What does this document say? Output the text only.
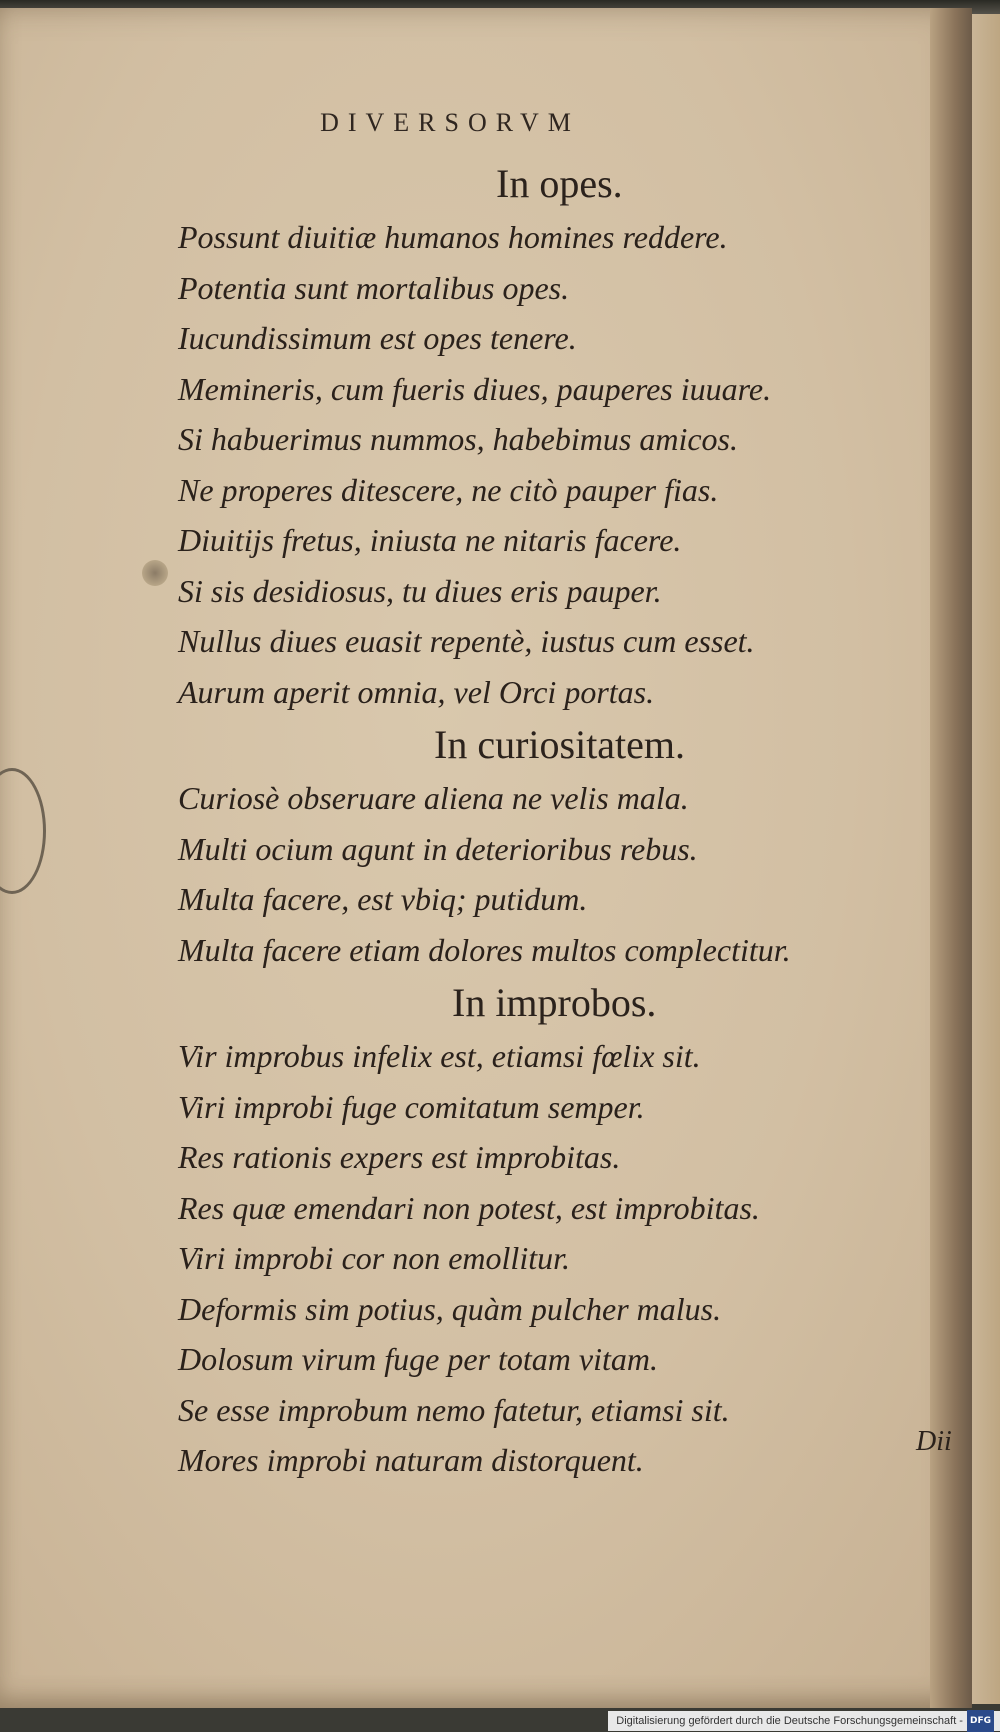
DIVERSORVM
In opes.
Possunt diuitiæ humanos homines reddere.
Potentia sunt mortalibus opes.
Iucundissimum est opes tenere.
Memineris, cum fueris diues, pauperes iuuare.
Si habuerimus nummos, habebimus amicos.
Ne properes ditescere, ne citò pauper fias.
Diuitijs fretus, iniusta ne nitaris facere.
Si sis desidiosus, tu diues eris pauper.
Nullus diues euasit repentè, iustus cum esset.
Aurum aperit omnia, vel Orci portas.
In curiositatem.
Curiosè obseruare aliena ne velis mala.
Multi ocium agunt in deterioribus rebus.
Multa facere, est vbiq; putidum.
Multa facere etiam dolores multos complectitur.
In improbos.
Vir improbus infelix est, etiamsi fœlix sit.
Viri improbi fuge comitatum semper.
Res rationis expers est improbitas.
Res quæ emendari non potest, est improbitas.
Viri improbi cor non emollitur.
Deformis sim potius, quàm pulcher malus.
Dolosum virum fuge per totam vitam.
Se esse improbum nemo fatetur, etiamsi sit.
Mores improbi naturam distorquent.
Dii
Digitalisierung gefördert durch die Deutsche Forschungsgemeinschaft - DFG
